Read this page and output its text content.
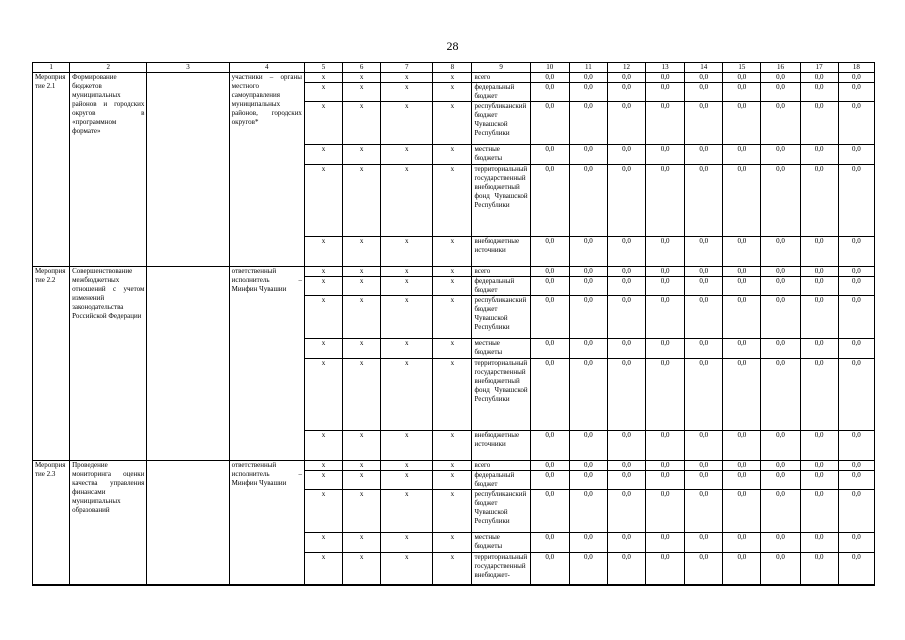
28
1	2	3	4	5	6	7	8	9	10	11	12	13	14	15	16	17	18
Мероприятие 2.1	Формирование бюджетов муниципальных районов и городских округов в «программном формате»		участники – органы местного самоуправления муниципальных районов, городских округов*	х	х	х	х	всего	0,0	0,0	0,0	0,0	0,0	0,0	0,0	0,0	0,0
				х	х	х	х	федеральный бюджет	0,0	0,0	0,0	0,0	0,0	0,0	0,0	0,0	0,0
				х	х	х	х	республиканский бюджет Чувашской Республики	0,0	0,0	0,0	0,0	0,0	0,0	0,0	0,0	0,0
				х	х	х	х	местные бюджеты	0,0	0,0	0,0	0,0	0,0	0,0	0,0	0,0	0,0
				х	х	х	х	территориальный государственный внебюджетный фонд Чувашской Республики	0,0	0,0	0,0	0,0	0,0	0,0	0,0	0,0	0,0
				х	х	х	х	внебюджетные источники	0,0	0,0	0,0	0,0	0,0	0,0	0,0	0,0	0,0
Мероприятие 2.2	Совершенствование межбюджетных отношений с учетом изменений законодательства Российской Федерации		ответственный исполнитель – Минфин Чувашии	х	х	х	х	всего	0,0	0,0	0,0	0,0	0,0	0,0	0,0	0,0	0,0
				х	х	х	х	федеральный бюджет	0,0	0,0	0,0	0,0	0,0	0,0	0,0	0,0	0,0
				х	х	х	х	республиканский бюджет Чувашской Республики	0,0	0,0	0,0	0,0	0,0	0,0	0,0	0,0	0,0
				х	х	х	х	местные бюджеты	0,0	0,0	0,0	0,0	0,0	0,0	0,0	0,0	0,0
				х	х	х	х	территориальный государственный внебюджетный фонд Чувашской Республики	0,0	0,0	0,0	0,0	0,0	0,0	0,0	0,0	0,0
				х	х	х	х	внебюджетные источники	0,0	0,0	0,0	0,0	0,0	0,0	0,0	0,0	0,0
Мероприятие 2.3	Проведение мониторинга оценки качества управления финансами муниципальных образований		ответственный исполнитель – Минфин Чувашии	х	х	х	х	всего	0,0	0,0	0,0	0,0	0,0	0,0	0,0	0,0	0,0
				х	х	х	х	федеральный бюджет	0,0	0,0	0,0	0,0	0,0	0,0	0,0	0,0	0,0
				х	х	х	х	республиканский бюджет Чувашской Республики	0,0	0,0	0,0	0,0	0,0	0,0	0,0	0,0	0,0
				х	х	х	х	местные бюджеты	0,0	0,0	0,0	0,0	0,0	0,0	0,0	0,0	0,0
				х	х	х	х	территориальный государственный внебюджет-	0,0	0,0	0,0	0,0	0,0	0,0	0,0	0,0	0,0
